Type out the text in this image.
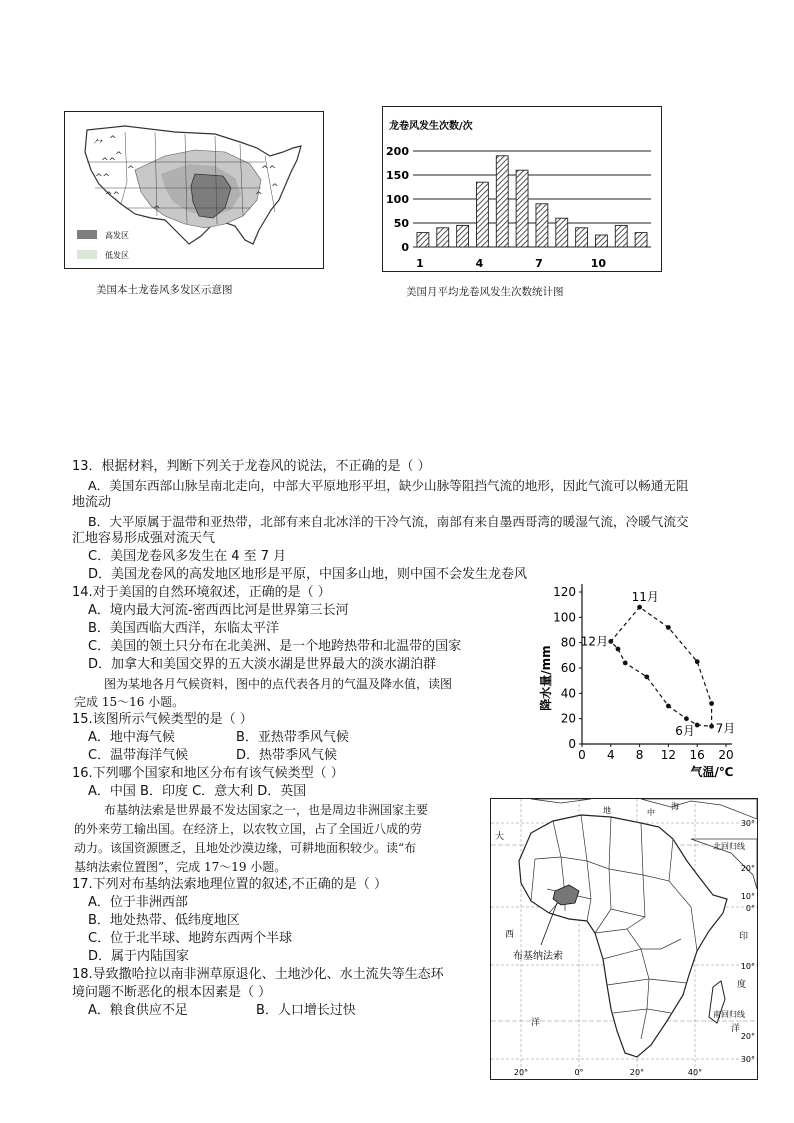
⺈
^^
^^
^
^
^^
^	^^
^
^
^
高发区
低发区
美国本土龙卷风多发区示意图
龙卷风发生次数/次
0
50
100
150
200
1	4	7	10
美国月平均龙卷风发生次数统计图
13．根据材料，判断下列关于龙卷风的说法，不正确的是（ ）
A．美国东西部山脉呈南北走向，中部大平原地形平坦，缺少山脉等阻挡气流的地形，因此气流可以畅通无阻
地流动
B．大平原属于温带和亚热带，北部有来自北冰洋的干冷气流，南部有来自墨西哥湾的暖湿气流，冷暖气流交
汇地容易形成强对流天气
C．美国龙卷风多发生在 4 至 7 月
D．美国龙卷风的高发地区地形是平原，中国多山地，则中国不会发生龙卷风
14.对于美国的自然环境叙述，正确的是（ ）
A．境内最大河流-密西西比河是世界第三长河
B．美国西临大西洋，东临太平洋
C．美国的领土只分布在北美洲、是一个地跨热带和北温带的国家
D．加拿大和美国交界的五大淡水湖是世界最大的淡水湖泊群
图为某地各月气候资料，图中的点代表各月的气温及降水值，读图
完成 15～16 小题。
15.该图所示气候类型的是（ ）
A．地中海气候	B．亚热带季风气候
C．温带海洋气候	D．热带季风气候
16.下列哪个国家和地区分布有该气候类型（ ）
A．中国 B．印度 C．意大利 D．英国
布基纳法索是世界最不发达国家之一，也是周边非洲国家主要
的外来劳工输出国。在经济上，以农牧立国，占了全国近八成的劳
动力。该国资源匮乏，且地处沙漠边缘，可耕地面积较少。读“布
基纳法索位置图”，完成 17～19 小题。
17.下列对布基纳法索地理位置的叙述,不正确的是（ ）
A．位于非洲西部
B．地处热带、低纬度地区
C．位于北半球、地跨东西两个半球
D．属于内陆国家
18.导致撒哈拉以南非洲草原退化、土地沙化、水土流失等生态环
境问题不断恶化的根本因素是（ ）
A．粮食供应不足	B．人口增长过快
0
20
40
60
80
100
120
0 4 8 12 16 20
11月
12月
6月 7月
降水量/mm
气温/℃
布基纳法索
大
地	中
海
西
洋
印
度
洋
北回归线
南回归线
30°
20°
10°
0°
10°
20°
30°
20°	0°	20°	40°
